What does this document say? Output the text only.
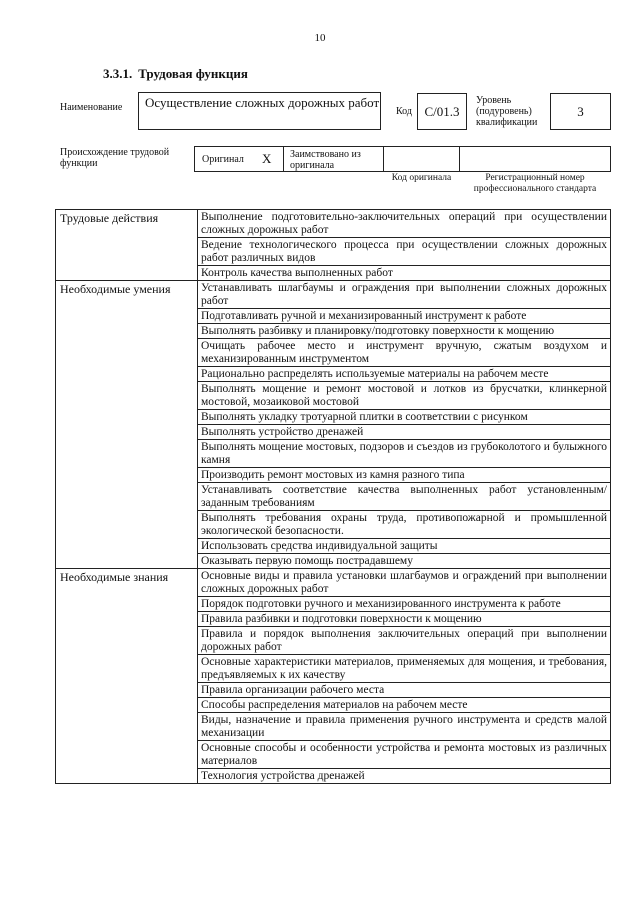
10
3.3.1. Трудовая функция
Наименование	Осуществление сложных дорожных работ
Код C/01.3
Уровень (подуровень) квалификации
3
Происхождение трудовой функции	Оригинал X Заимствовано из оригинала
Код оригинала	Регистрационный номер профессионального стандарта
Трудовые действия	Выполнение подготовительно-заключительных операций при осуществлении сложных дорожных работ
	Ведение технологического процесса при осуществлении сложных дорожных работ различных видов
	Контроль качества выполненных работ
Необходимые умения	Устанавливать шлагбаумы и ограждения при выполнении сложных дорожных работ
	Подготавливать ручной и механизированный инструмент к работе
	Выполнять разбивку и планировку/подготовку поверхности к мощению
	Очищать рабочее место и инструмент вручную, сжатым воздухом и механизированным инструментом
	Рационально распределять используемые материалы на рабочем месте
	Выполнять мощение и ремонт мостовой и лотков из брусчатки, клинкерной мостовой, мозаиковой мостовой
	Выполнять укладку тротуарной плитки в соответствии с рисунком
	Выполнять устройство дренажей
	Выполнять мощение мостовых, подзоров и съездов из грубоколотого и булыжного камня
	Производить ремонт мостовых из камня разного типа
	Устанавливать соответствие качества выполненных работ установленным/ заданным требованиям
	Выполнять требования охраны труда, противопожарной и промышленной экологической безопасности.
	Использовать средства индивидуальной защиты
	Оказывать первую помощь пострадавшему
Необходимые знания	Основные виды и правила установки шлагбаумов и ограждений при выполнении сложных дорожных работ
	Порядок подготовки ручного и механизированного инструмента к работе
	Правила разбивки и подготовки поверхности к мощению
	Правила и порядок выполнения заключительных операций при выполнении дорожных работ
	Основные характеристики материалов, применяемых для мощения, и требования, предъявляемых к их качеству
	Правила организации рабочего места
	Способы распределения материалов на рабочем месте
	Виды, назначение и правила применения ручного инструмента и средств малой механизации
	Основные способы и особенности устройства и ремонта мостовых из различных материалов
	Технология устройства дренажей
